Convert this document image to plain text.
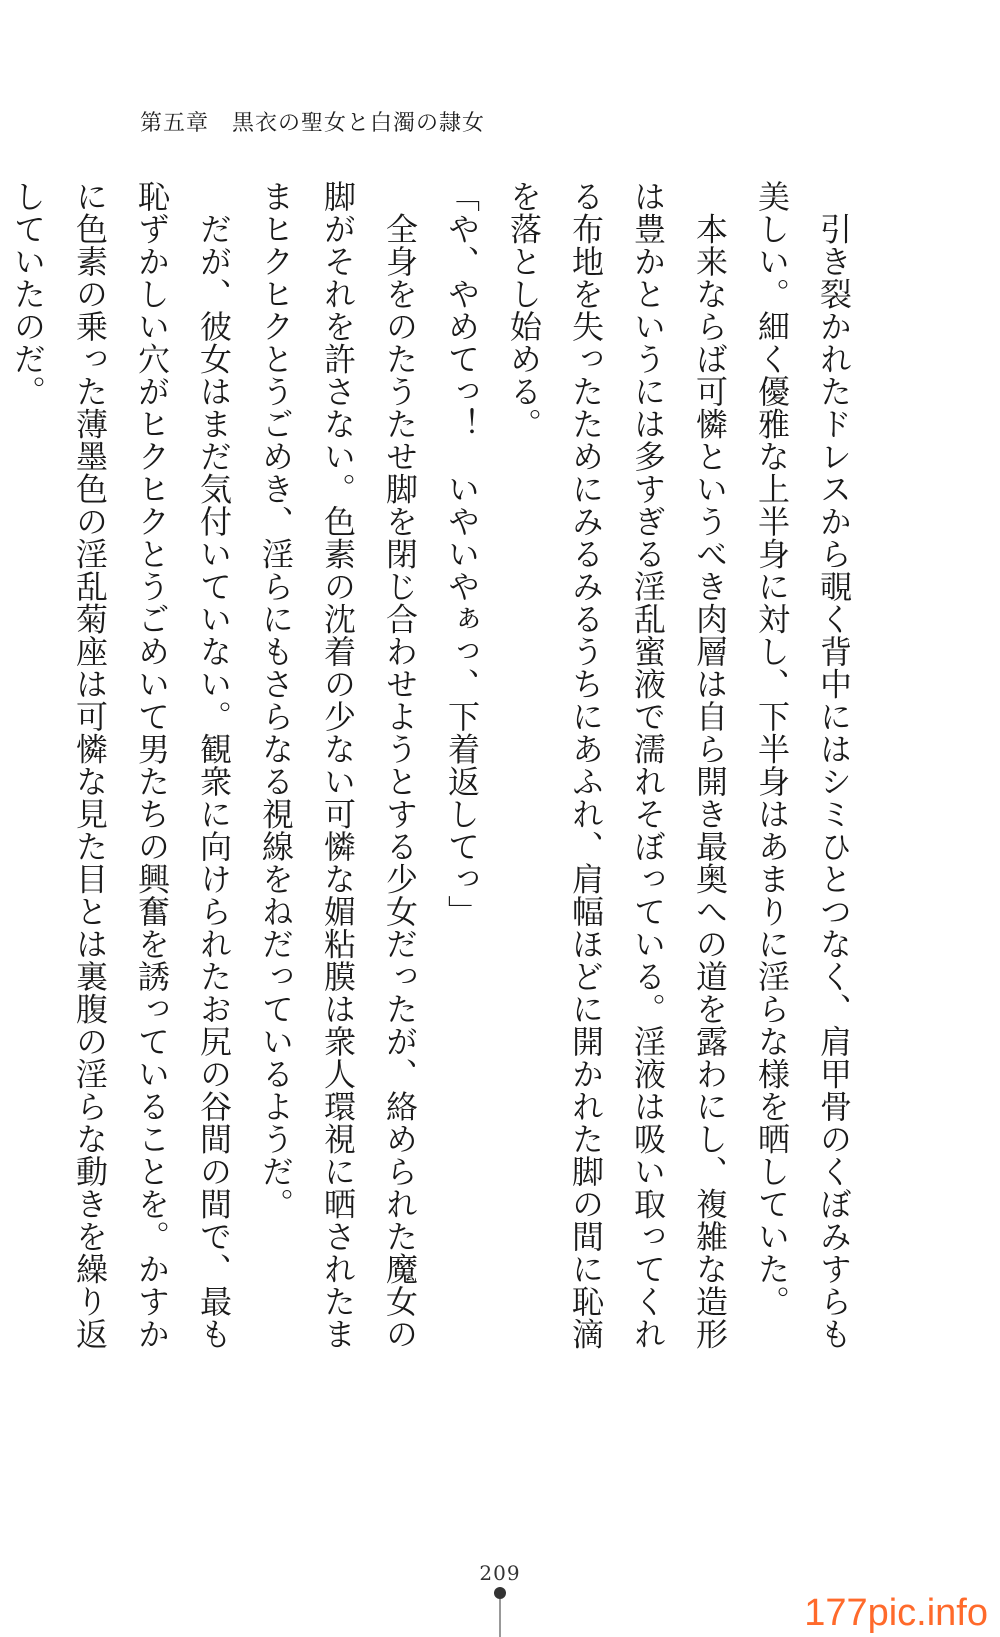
第五章　黒衣の聖女と白濁の隷女

　引き裂かれたドレスから覗く背中にはシミひとつなく、肩甲骨のくぼみすらも美しい。細く優雅な上半身に対し、下半身はあまりに淫らな様を晒していた。

　本来ならば可憐というべき肉層は自ら開き最奥への道を露わにし、複雑な造形は豊かというには多すぎる淫乱蜜液で濡れそぼっている。淫液は吸い取ってくれる布地を失ったためにみるみるうちにあふれ、肩幅ほどに開かれた脚の間に恥滴を落とし始める。

「や、やめてっ！　いやいやぁっ、下着返してっ」

　全身をのたうたせ脚を閉じ合わせようとする少女だったが、絡められた魔女の脚がそれを許さない。色素の沈着の少ない可憐な媚粘膜は衆人環視に晒されたままヒクヒクとうごめき、淫らにもさらなる視線をねだっているようだ。

　だが、彼女はまだ気付いていない。観衆に向けられたお尻の谷間の間で、最も恥ずかしい穴がヒクヒクとうごめいて男たちの興奮を誘っていることを。かすかに色素の乗った薄墨色の淫乱菊座は可憐な見た目とは裏腹の淫らな動きを繰り返していたのだ。

209
177pic.info
